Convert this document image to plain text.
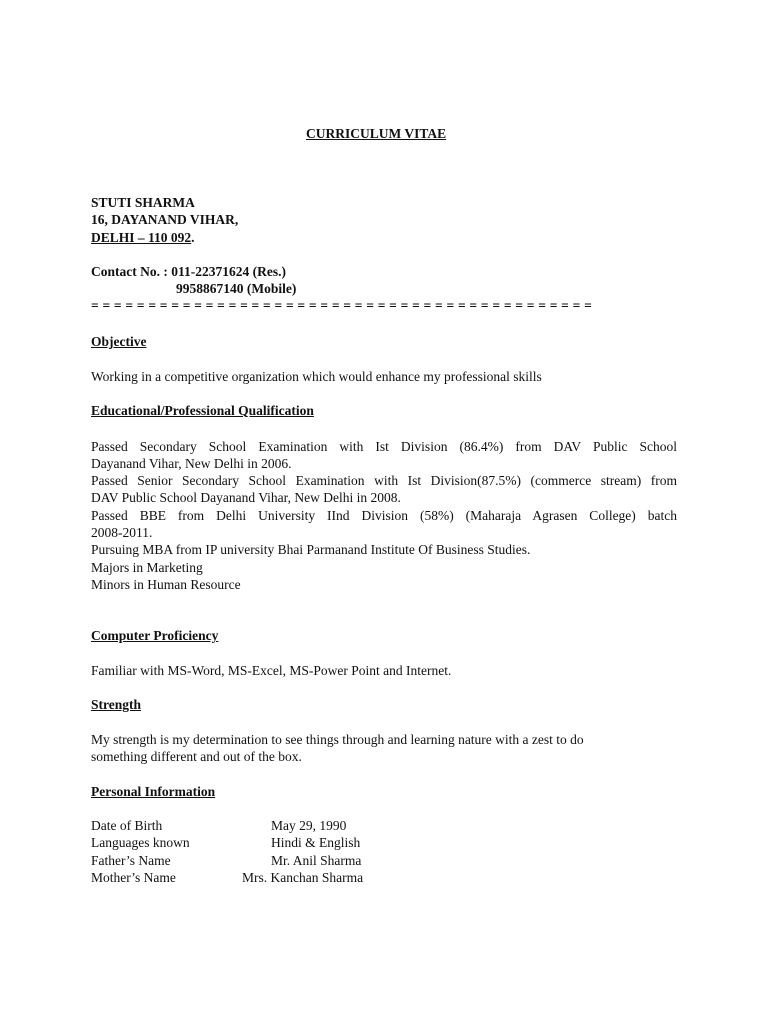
CURRICULUM VITAE
STUTI SHARMA
16, DAYANAND VIHAR,
DELHI – 110 092.
Contact No. : 011-22371624 (Res.)
9958867140 (Mobile)
= = = = = = = = = = = = = = = = = = = = = = = = = = = = = = = = = = = = = = = = = = = =
Objective
Working in a competitive organization which would enhance my professional skills
Educational/Professional Qualification
Passed Secondary School Examination with Ist Division (86.4%) from DAV Public School
Dayanand Vihar, New Delhi in 2006.
Passed Senior Secondary School Examination with Ist Division(87.5%) (commerce stream) from
DAV Public School Dayanand Vihar, New Delhi in 2008.
Passed BBE from Delhi University IInd Division (58%) (Maharaja Agrasen College) batch
2008-2011.
Pursuing MBA from IP university Bhai Parmanand Institute Of Business Studies.
Majors in Marketing
Minors in Human Resource
Computer Proficiency
Familiar with MS-Word, MS-Excel, MS-Power Point and Internet.
Strength
My strength is my determination to see things through and learning nature with a zest to do
something different and out of the box.
Personal Information
Date of Birth	May 29, 1990
Languages known	Hindi & English
Father’s Name	Mr. Anil Sharma
Mother’s Name	Mrs. Kanchan Sharma
